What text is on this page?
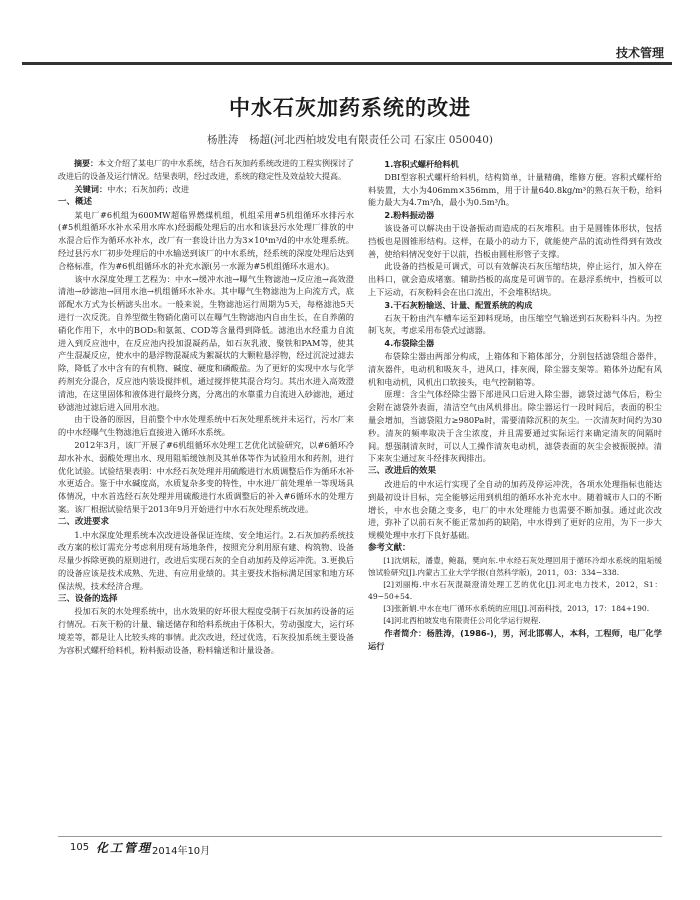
技术管理
中水石灰加药系统的改进
杨胜涛　杨超(河北西柏坡发电有限责任公司 石家庄 050040)

摘要：本文介绍了某电厂的中水系统，结合石灰加药系统改进的工程实例探讨了改进后的设备及运行情况。结果表明，经过改进，系统的稳定性及效益较大提高。

关键词：中水；石灰加药；改进

一、概述

某电厂#6机组为600MW超临界燃煤机组，机组采用#5机组循环水排污水(#5机组循环水补水采用水库水)经弱酸处理后的出水和该县污水处理厂排放的中水混合后作为循环水补水，改厂有一套设计出力为3×10⁴m³/d的中水处理系统。经过县污水厂初步处理后的中水输送到该厂的中水系统，经系统的深度处理后达到合格标准，作为#6机组循环水的补充水源(另一水源为#5机组循环水退水)。

该中水深度处理工艺程为：中水→缓冲水池→曝气生物滤池→反应池→高效澄清池→砂滤池→回用水池→机组循环水补水。其中曝气生物滤池为上向流方式，底部配水方式为长柄滤头出水。一般来说，生物滤池运行周期为5天，每格滤池5天进行一次反洗。自养型微生物硝化菌可以在曝气生物滤池内自由生长，在自养菌的硝化作用下，水中的BOD₅和氨氮、COD等含量得到降低。滤池出水经重力自流进入到反应池中，在反应池内投加混凝药品，如石灰乳液、聚铁和PAM等，使其产生混凝反应，使水中的悬浮物混凝成为絮凝状的大颗粒悬浮物，经过沉淀过滤去除，降低了水中含有的有机物、碱度、硬度和磷酸盐。为了更好的实现中水与化学药剂充分混合，反应池内装设搅拌机，通过搅拌使其混合均匀。其出水进入高效澄清池，在这里固体和液体进行最终分离，分离出的水靠重力自流进入砂滤池，通过砂滤池过滤后进入回用水池。

由于设备的原因，目前整个中水处理系统中石灰处理系统并未运行，污水厂来的中水经曝气生物滤池后直接进入循环水系统。

2012年3月，该厂开展了#6机组循环水处理工艺优化试验研究，以#6循环冷却水补水、弱酸处理出水、现用阻垢缓蚀剂及其单体等作为试验用水和药剂，进行优化试验。试验结果表明：中水经石灰处理并用硫酸进行水质调整后作为循环水补水更适合。鉴于中水碱度高，水质复杂多变的特性，中水进厂前处理单一等现场具体情况，中水首选经石灰处理并用硫酸进行水质调整后的补入#6循环水的处理方案。该厂根据试验结果于2013年9月开始进行中水石灰处理系统改进。

二、改进要求

1.中水深度处理系统本次改进设备保证连续、安全地运行。2.石灰加药系统技改方案的松订需充分考虑利用现有场地条件，按照充分利用原有建、构筑物、设备尽量少拆除更换的原则进行，改进后实现石灰的全自动加药及停运冲洗。3.更换后的设备应该是技术成熟、先进、有应用业绩的。其主要技术指标满足国家和地方环保法规，技术经济合理。

三、设备的选择

投加石灰的水处理系统中，出水效果的好坏很大程度受制于石灰加药设备的运行情况。石灰干粉的计量、输送储存和给料系统由于体积大，劳动强度大，运行环境差等，都是让人比较头疼的事情。此次改进，经过优选，石灰投加系统主要设备为容积式螺杆给料机，粉料振动设备，粉料输送和计量设备。

1.容积式螺杆给料机

DBI型容积式螺杆给料机，结构简单，计量精确，维修方便。容积式螺杆给料装置，大小为406mm×356mm，用于计量640.8kg/m³的熟石灰干粉，给料能力最大为4.7m³/h，最小为0.5m³/h。

2.粉料振动器

该设备可以解决由于设备振动而造成的石灰堆积。由于是圆锥体形状，包括挡板也是圆锥形结构。这样，在最小的动力下，就能使产品的流动性得到有效改善，使给料情况变好于以前，挡板由圆柱形管子支撑。

此设备的挡板是可调式，可以有效解决石灰压缩结块，停止运行，加入停在出料口，就会造成堵塞。辅助挡板的高度是可调节的。在悬浮系统中，挡板可以上下运动，石灰粉料会在出口流出，不会堆积结块。

3.干石灰粉输送、计量、配置系统的构成

石灰干粉由汽车槽车运至卸料现场，由压缩空气输送到石灰粉料斗内。为控制飞灰，考虑采用布袋式过滤器。

4.布袋除尘器

布袋除尘器由两部分构成，上箱体和下箱体部分，分别包括滤袋组合器件，清灰器件，电动机和吸灰斗，进风口，排灰阀，除尘器支架等。箱体外边配有风机和电动机，风机出口软接头，电气控制箱等。

原理：含尘气体经除尘器下部进风口后进入除尘器，滤袋过滤气体后，粉尘会附在滤袋外表面，清洁空气由风机排出。除尘器运行一段时间后，表面的积尘量会增加，当滤袋阻力≥980Pa时，需要清除沉积的灰尘。一次清灰时间约为30秒。清灰的频率取决于含尘浓度，并且需要通过实际运行来确定清灰的间隔时间。想强制清灰时，可以人工操作清灰电动机，滤袋表面的灰尘会被振脱掉。清下来灰尘通过灰斗经排灰阀排出。

三、改进后的效果

改进后的中水运行实现了全自动的加药及停运冲洗，各项水处理指标也能达到最初设计目标，完全能够运用到机组的循环水补充水中。随着城市人口的不断增长，中水也会随之变多，电厂的中水处理能力也需要不断加强。通过此次改进，弥补了以前石灰不能正常加药的缺陷，中水得到了更好的应用，为下一步大规模处理中水打下良好基础。

参考文献：

[1]沈炳耘，潘豊，鲍磊，樊向东.中水经石灰处理回用于循环冷却水系统的阻垢缓蚀试验研究[J].内蒙古工业大学学报(自然科学版)，2011，03：334−338.

[2]刘丽梅.中水石灰混凝澄清处理工艺的优化[J].河北电力技术，2012，S1：49−50+54.

[3]张新娟.中水在电厂循环水系统的应用[J].河南科技，2013，17：184+190.

[4]河北西柏坡发电有限责任公司化学运行规程.

作者简介：杨胜涛，(1986-)，男，河北邯郸人，本科，工程师，电厂化学运行

105 化工管理 2014年10月
